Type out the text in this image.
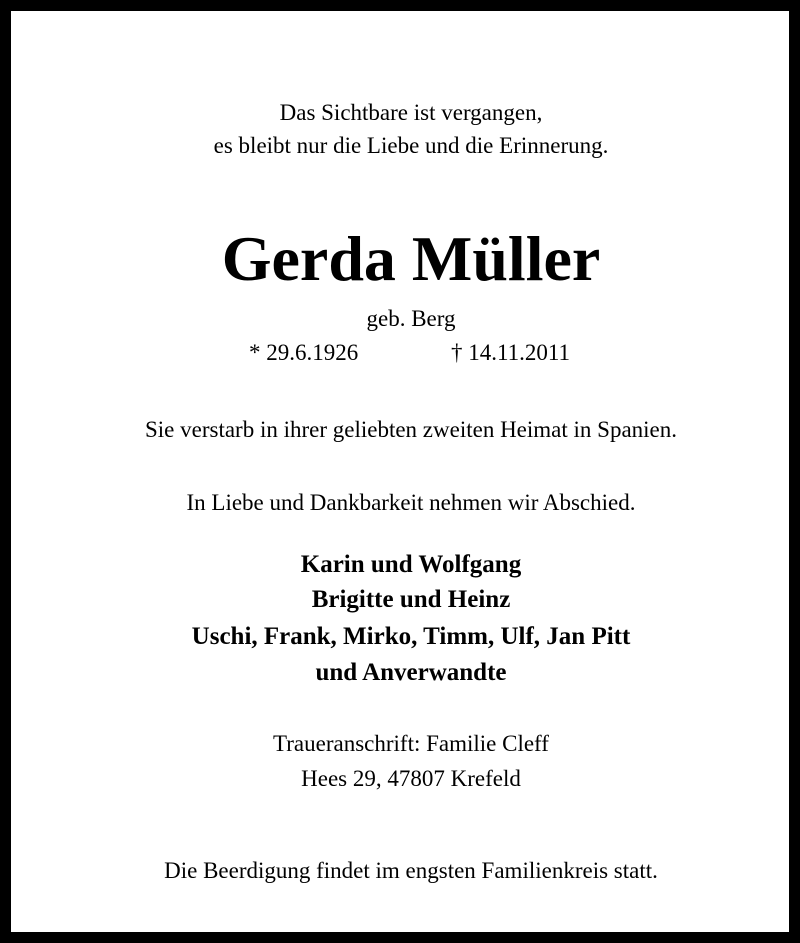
Das Sichtbare ist vergangen,
es bleibt nur die Liebe und die Erinnerung.
Gerda Müller
geb. Berg
* 29.6.1926	† 14.11.2011
Sie verstarb in ihrer geliebten zweiten Heimat in Spanien.
In Liebe und Dankbarkeit nehmen wir Abschied.
Karin und Wolfgang
Brigitte und Heinz
Uschi, Frank, Mirko, Timm, Ulf, Jan Pitt
und Anverwandte
Traueranschrift: Familie Cleff
Hees 29, 47807 Krefeld
Die Beerdigung findet im engsten Familienkreis statt.
